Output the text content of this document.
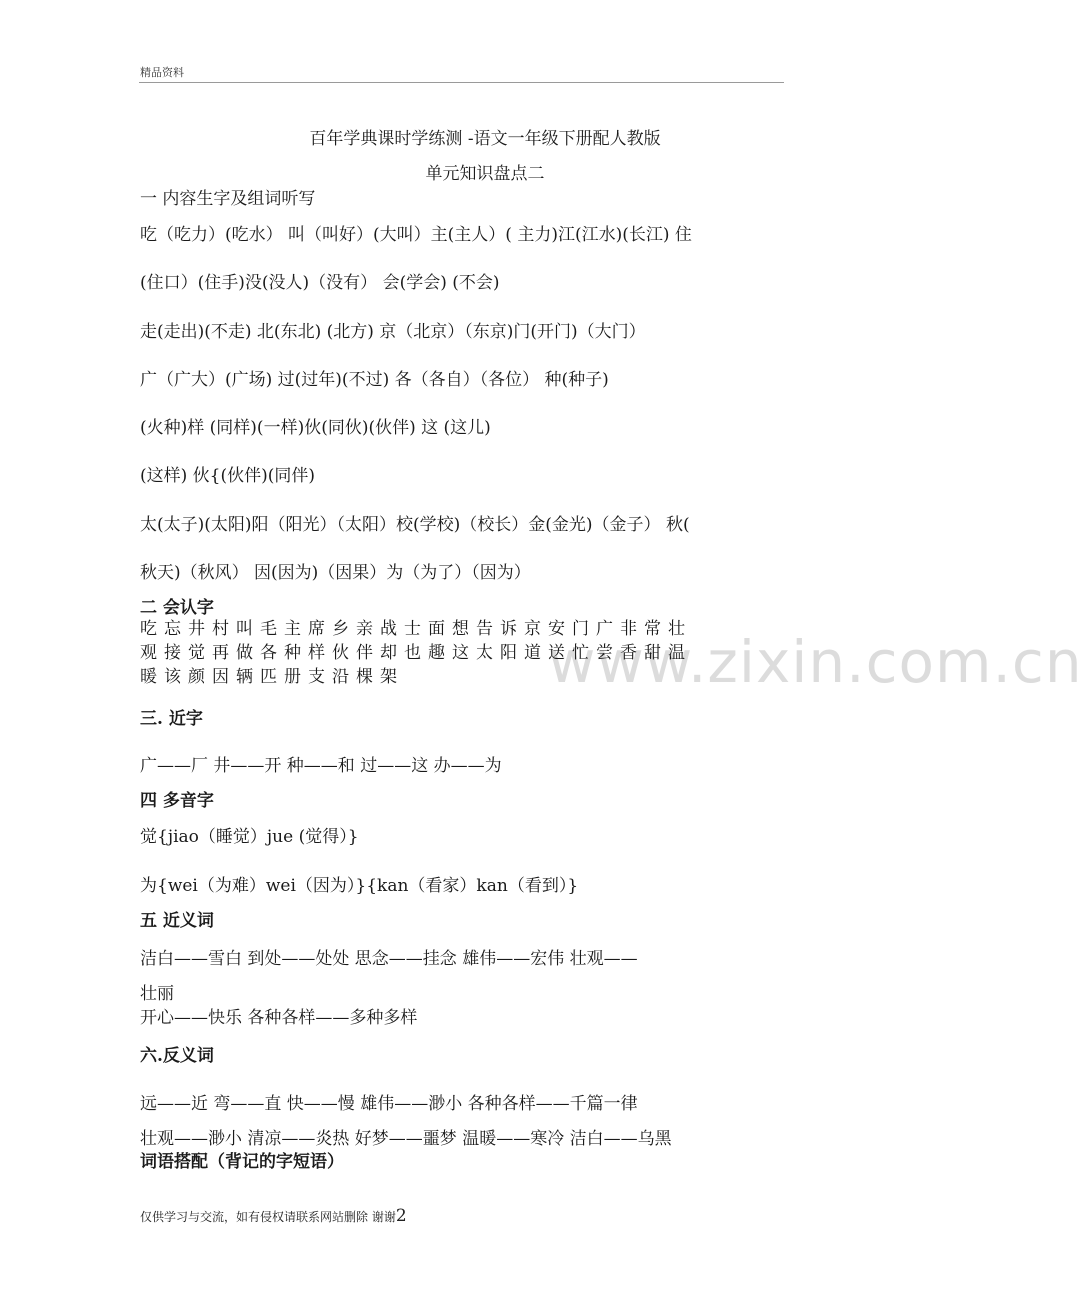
精品资料
www.zixin.com.cn
百年学典课时学练测 -语文一年级下册配人教版
单元知识盘点二
一 内容生字及组词听写
吃（吃力）(吃水） 叫（叫好）(大叫）主(主人）( 主力)江(江水)(长江) 住
(住口）(住手)没(没人)（没有） 会(学会) (不会)
走(走出)(不走) 北(东北) (北方) 京（北京）（东京)门(开门)（大门）
广（广大）(广场) 过(过年)(不过) 各（各自）（各位） 种(种子)
(火种)样 (同样)(一样)伙(同伙)(伙伴) 这 (这儿)
(这样) 伙{(伙伴)(同伴)
太(太子)(太阳)阳（阳光）（太阳）校(学校)（校长）金(金光)（金子） 秋(
秋天)（秋风） 因(因为)（因果）为（为了）（因为）
二 会认字
吃忘井村叫毛主席乡亲战士面想告诉京安门广非常壮
观接觉再做各种样伙伴却也趣这太阳道送忙尝香甜温
暖该颜因辆匹册支沿棵架
三. 近字
广——厂 井——开 种——和 过——这 办——为
四 多音字
觉{jiao（睡觉）jue (觉得）}
为{wei（为难）wei（因为）}{kan（看家）kan（看到）}
五 近义词
洁白——雪白 到处——处处 思念——挂念 雄伟——宏伟 壮观——
壮丽
开心——快乐 各种各样——多种多样
六.反义词
远——近 弯——直 快——慢 雄伟——渺小 各种各样——千篇一律
壮观——渺小 清凉——炎热 好梦——噩梦 温暖——寒冷 洁白——乌黑
词语搭配（背记的字短语）
仅供学习与交流，如有侵权请联系网站删除 谢谢2
